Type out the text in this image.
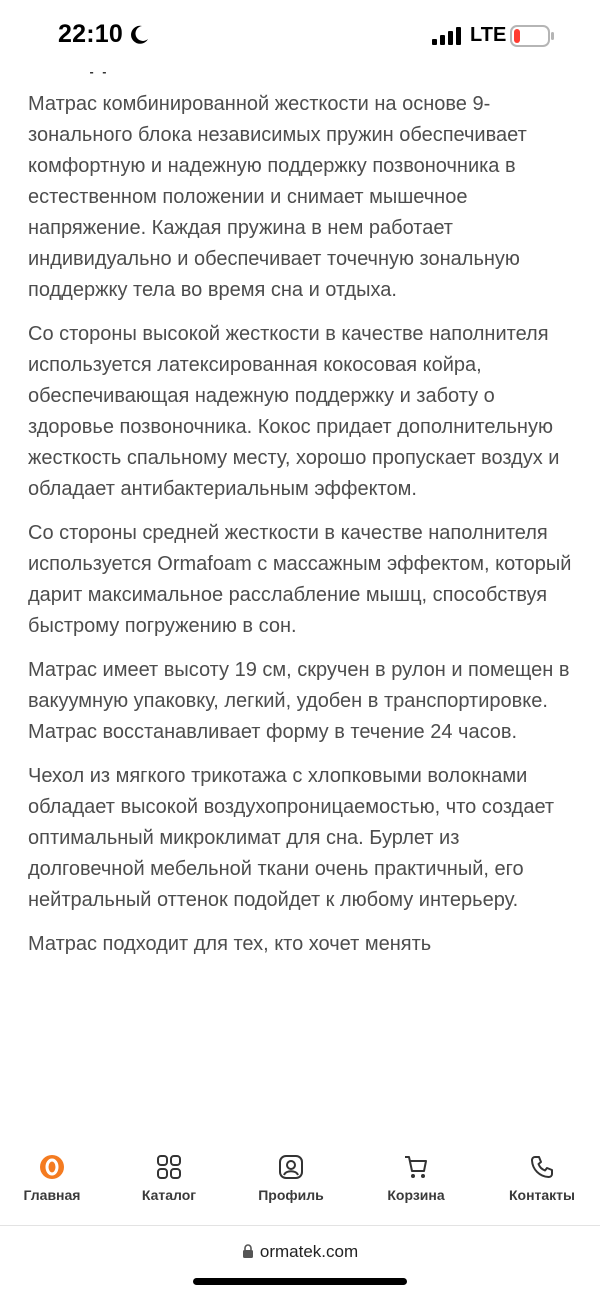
22:10	LTE

Матрас комбинированной жесткости на основе 9-зонального блока независимых пружин обеспечивает комфортную и надежную поддержку позвоночника в естественном положении и снимает мышечное напряжение. Каждая пружина в нем работает индивидуально и обеспечивает точечную зональную поддержку тела во время сна и отдыха.

Со стороны высокой жесткости в качестве наполнителя используется латексированная кокосовая койра, обеспечивающая надежную поддержку и заботу о здоровье позвоночника. Кокос придает дополнительную жесткость спальному месту, хорошо пропускает воздух и обладает антибактериальным эффектом.

Со стороны средней жесткости в качестве наполнителя используется Ormafoam с массажным эффектом, который дарит максимальное расслабление мышц, способствуя быстрому погружению в сон.

Матрас имеет высоту 19 см, скручен в рулон и помещен в вакуумную упаковку, легкий, удобен в транспортировке. Матрас восстанавливает форму в течение 24 часов.

Чехол из мягкого трикотажа с хлопковыми волокнами обладает высокой воздухопроницаемостью, что создает оптимальный микроклимат для сна. Бурлет из долговечной мебельной ткани очень практичный, его нейтральный оттенок подойдет к любому интерьеру.

Матрас подходит для тех, кто хочет менять

Главная	Каталог	Профиль	Корзина	Контакты
ormatek.com
